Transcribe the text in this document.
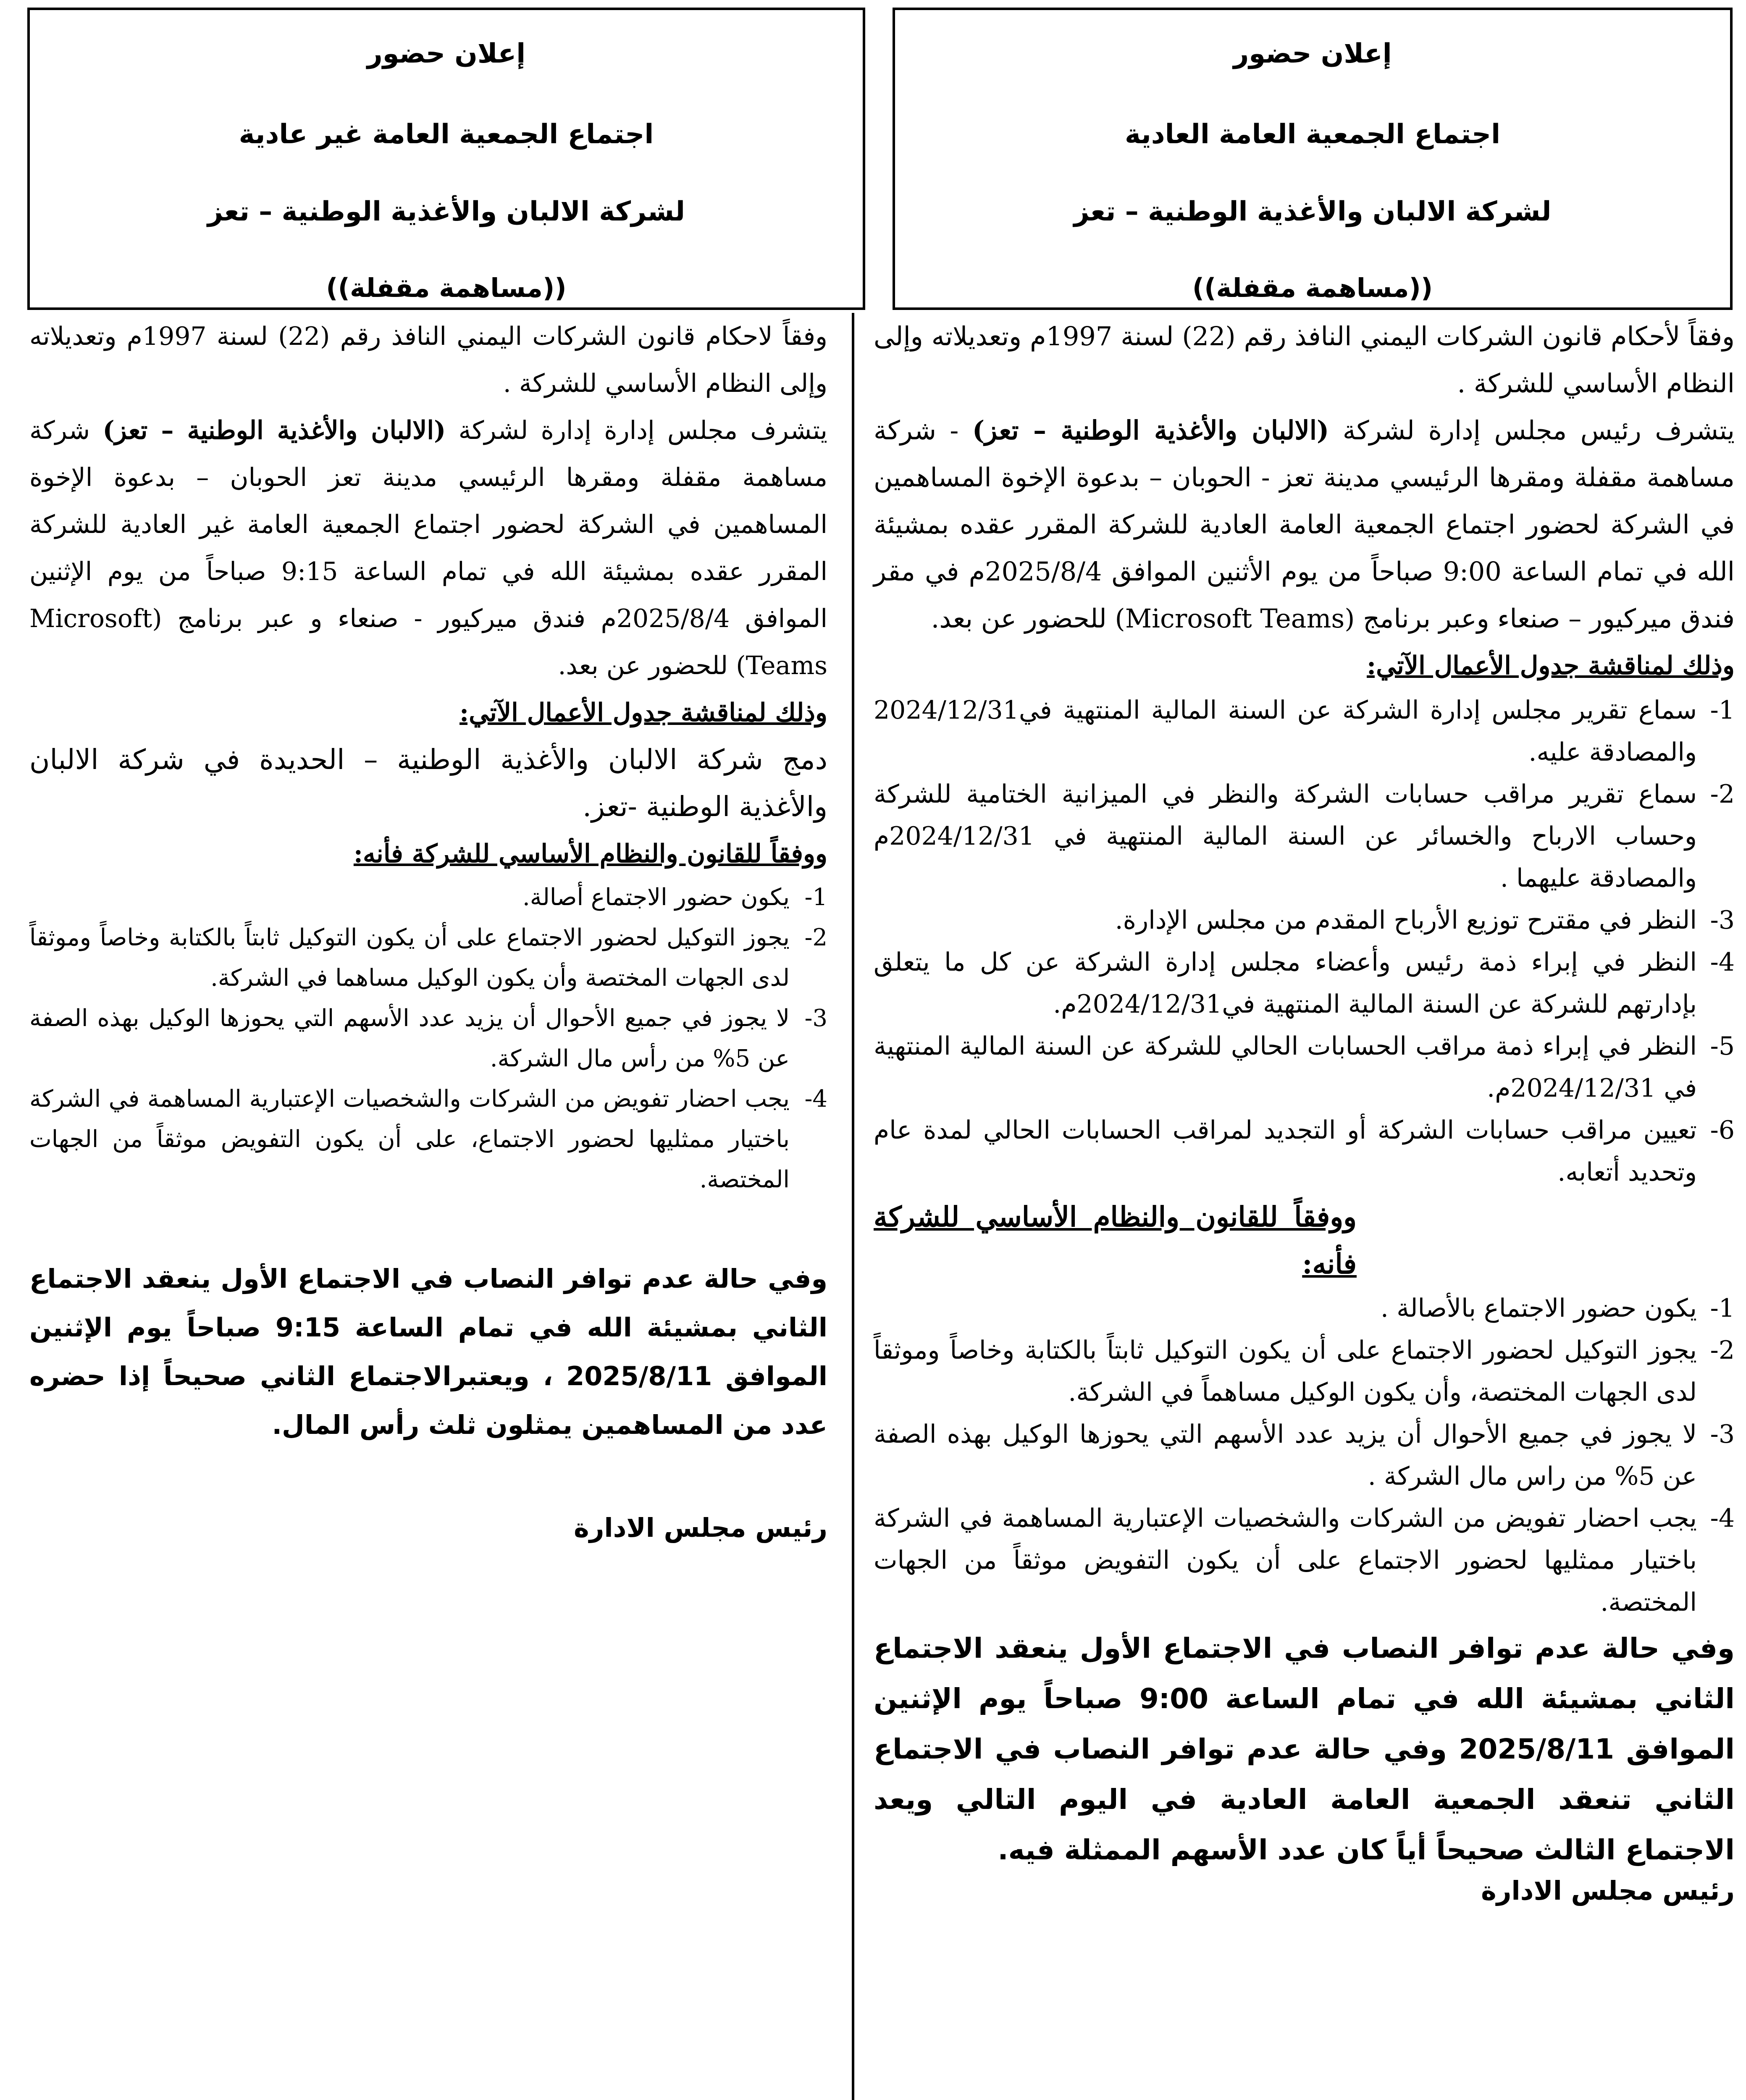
إعلان حضور

اجتماع الجمعية العامة العادية

لشركة الالبان والأغذية الوطنية – تعز

((مساهمة مقفلة))

إعلان حضور

اجتماع الجمعية العامة غير عادية

لشركة الالبان والأغذية الوطنية – تعز

((مساهمة مقفلة))

وفقاً لأحكام قانون الشركات اليمني النافذ رقم (22) لسنة 1997م وتعديلاته وإلى النظام الأساسي للشركة .

يتشرف رئيس مجلس إدارة لشركة (الالبان والأغذية الوطنية – تعز) - شركة مساهمة مقفلة ومقرها الرئيسي مدينة تعز - الحوبان – بدعوة الإخوة المساهمين في الشركة لحضور اجتماع الجمعية العامة العادية للشركة المقرر عقده بمشيئة الله في تمام الساعة 9:00 صباحاً من يوم الأثنين الموافق 2025/8/4م في مقر فندق ميركيور – صنعاء وعبر برنامج (Microsoft Teams) للحضور عن بعد.

وذلك لمناقشة جدول الأعمال الآتي:

1-
سماع تقرير مجلس إدارة الشركة عن السنة المالية المنتهية في2024/12/31 والمصادقة عليه.
2-
سماع تقرير مراقب حسابات الشركة والنظر في الميزانية الختامية للشركة وحساب الارباح والخسائر عن السنة المالية المنتهية في 2024/12/31م والمصادقة عليهما .
3-
النظر في مقترح توزيع الأرباح المقدم من مجلس الإدارة.
4-
النظر في إبراء ذمة رئيس وأعضاء مجلس إدارة الشركة عن كل ما يتعلق بإدارتهم للشركة عن السنة المالية المنتهية في2024/12/31م.
5-
النظر في إبراء ذمة مراقب الحسابات الحالي للشركة عن السنة المالية المنتهية في 2024/12/31م.
6-
تعيين مراقب حسابات الشركة أو التجديد لمراقب الحسابات الحالي لمدة عام وتحديد أتعابه.

ووفقاً للقانون والنظام الأساسي للشركة فأنه:

1-
يكون حضور الاجتماع بالأصالة .
2-
يجوز التوكيل لحضور الاجتماع على أن يكون التوكيل ثابتاً بالكتابة وخاصاً وموثقاً لدى الجهات المختصة، وأن يكون الوكيل مساهماً في الشركة.
3-
لا يجوز في جميع الأحوال أن يزيد عدد الأسهم التي يحوزها الوكيل بهذه الصفة عن 5% من راس مال الشركة .
4-
يجب احضار تفويض من الشركات والشخصيات الإعتبارية المساهمة في الشركة باختيار ممثليها لحضور الاجتماع على أن يكون التفويض موثقاً من الجهات المختصة.

وفي حالة عدم توافر النصاب في الاجتماع الأول ينعقد الاجتماع الثاني بمشيئة الله في تمام الساعة 9:00 صباحاً يوم الإثنين الموافق 2025/8/11 وفي حالة عدم توافر النصاب في الاجتماع الثاني تنعقد الجمعية العامة العادية في اليوم التالي ويعد الاجتماع الثالث صحيحاً أياً كان عدد الأسهم الممثلة فيه.

رئيس مجلس الادارة

وفقاً لاحكام قانون الشركات اليمني النافذ رقم (22) لسنة 1997م وتعديلاته وإلى النظام الأساسي للشركة .

يتشرف مجلس إدارة إدارة لشركة (الالبان والأغذية الوطنية – تعز) شركة مساهمة مقفلة ومقرها الرئيسي مدينة تعز الحوبان – بدعوة الإخوة المساهمين في الشركة لحضور اجتماع الجمعية العامة غير العادية للشركة المقرر عقده بمشيئة الله في تمام الساعة 9:15 صباحاً من يوم الإثنين الموافق 2025/8/4م فندق ميركيور - صنعاء و عبر برنامج (Microsoft Teams) للحضور عن بعد.

وذلك لمناقشة جدول الأعمال الآتي:

دمج شركة الالبان والأغذية الوطنية – الحديدة في شركة الالبان والأغذية الوطنية -تعز.

ووفقاً للقانون والنظام الأساسي للشركة فأنه:

1-
يكون حضور الاجتماع أصالة.
2-
يجوز التوكيل لحضور الاجتماع على أن يكون التوكيل ثابتاً بالكتابة وخاصاً وموثقاً لدى الجهات المختصة وأن يكون الوكيل مساهما في الشركة.
3-
لا يجوز في جميع الأحوال أن يزيد عدد الأسهم التي يحوزها الوكيل بهذه الصفة عن 5% من رأس مال الشركة.
4-
يجب احضار تفويض من الشركات والشخصيات الإعتبارية المساهمة في الشركة باختيار ممثليها لحضور الاجتماع، على أن يكون التفويض موثقاً من الجهات المختصة.

وفي حالة عدم توافر النصاب في الاجتماع الأول ينعقد الاجتماع الثاني بمشيئة الله في تمام الساعة 9:15 صباحاً يوم الإثنين الموافق 2025/8/11 ، ويعتبرالاجتماع الثاني صحيحاً إذا حضره عدد من المساهمين يمثلون ثلث رأس المال.

رئيس مجلس الادارة
